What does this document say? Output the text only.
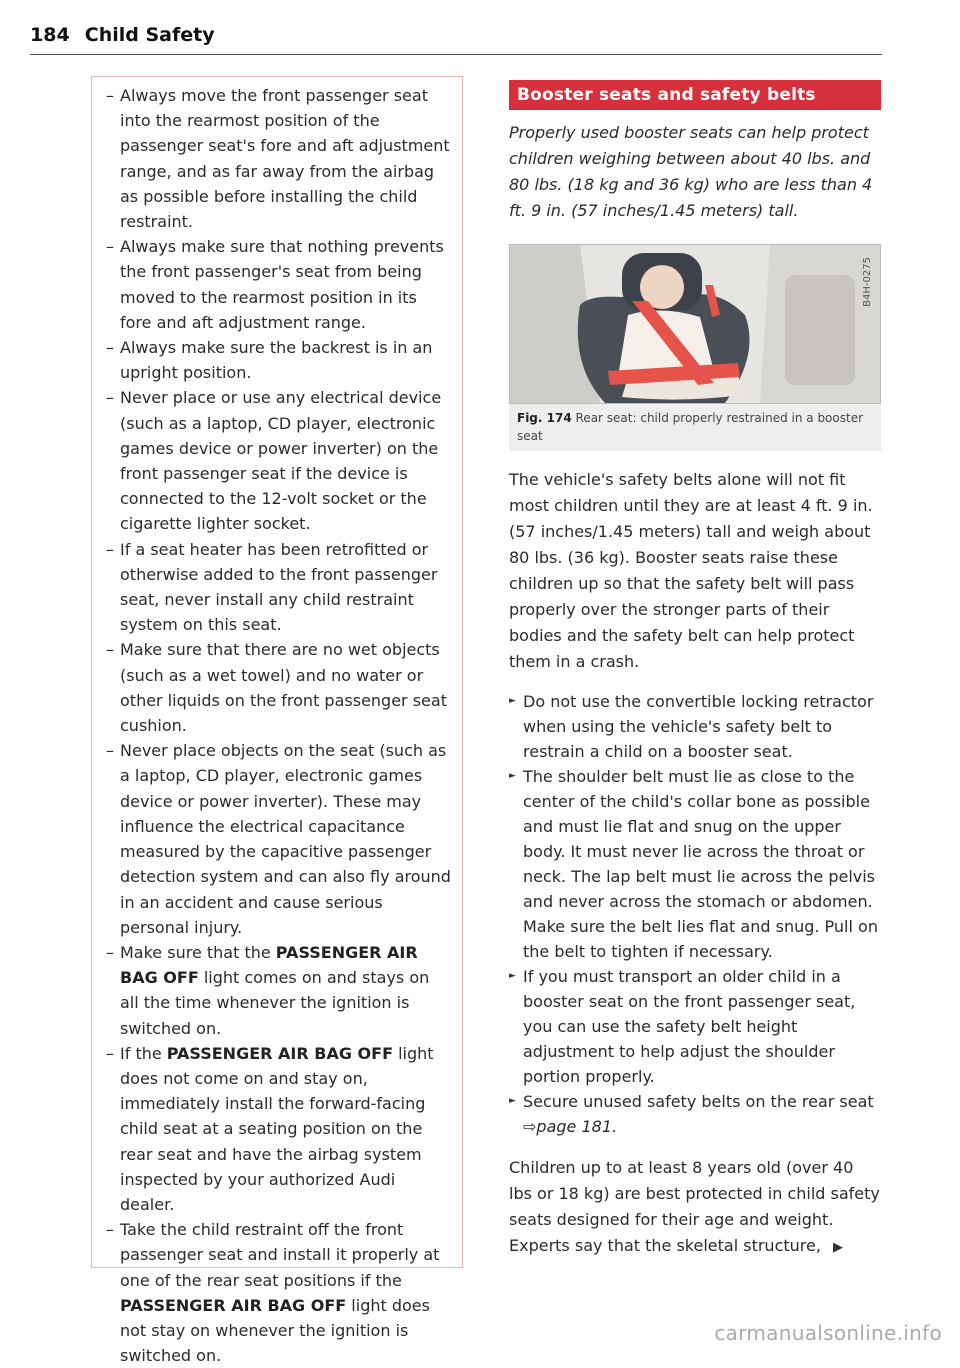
184 Child Safety
– Always move the front passenger seat into the rearmost position of the passenger seat's fore and aft adjustment range, and as far away from the airbag as possible before installing the child restraint.
– Always make sure that nothing prevents the front passenger's seat from being moved to the rearmost position in its fore and aft adjustment range.
– Always make sure the backrest is in an upright position.
– Never place or use any electrical device (such as a laptop, CD player, electronic games device or power inverter) on the front passenger seat if the device is connected to the 12-volt socket or the cigarette lighter socket.
– If a seat heater has been retrofitted or otherwise added to the front passenger seat, never install any child restraint system on this seat.
– Make sure that there are no wet objects (such as a wet towel) and no water or other liquids on the front passenger seat cushion.
– Never place objects on the seat (such as a laptop, CD player, electronic games device or power inverter). These may influence the electrical capacitance measured by the capacitive passenger detection system and can also fly around in an accident and cause serious personal injury.
– Make sure that the PASSENGER AIR BAG OFF light comes on and stays on all the time whenever the ignition is switched on.
– If the PASSENGER AIR BAG OFF light does not come on and stay on, immediately install the forward-facing child seat at a seating position on the rear seat and have the airbag system inspected by your authorized Audi dealer.
– Take the child restraint off the front passenger seat and install it properly at one of the rear seat positions if the PASSENGER AIR BAG OFF light does not stay on whenever the ignition is switched on.
Booster seats and safety belts

Properly used booster seats can help protect children weighing between about 40 lbs. and 80 lbs. (18 kg and 36 kg) who are less than 4 ft. 9 in. (57 inches/1.45 meters) tall.

B4H-0275
Fig. 174 Rear seat: child properly restrained in a booster seat

The vehicle's safety belts alone will not fit most children until they are at least 4 ft. 9 in. (57 inches/1.45 meters) tall and weigh about 80 lbs. (36 kg). Booster seats raise these children up so that the safety belt will pass properly over the stronger parts of their bodies and the safety belt can help protect them in a crash.

► Do not use the convertible locking retractor when using the vehicle's safety belt to restrain a child on a booster seat.
► The shoulder belt must lie as close to the center of the child's collar bone as possible and must lie flat and snug on the upper body. It must never lie across the throat or neck. The lap belt must lie across the pelvis and never across the stomach or abdomen. Make sure the belt lies flat and snug. Pull on the belt to tighten if necessary.
► If you must transport an older child in a booster seat on the front passenger seat, you can use the safety belt height adjustment to help adjust the shoulder portion properly.
► Secure unused safety belts on the rear seat ⇨page 181.

Children up to at least 8 years old (over 40 lbs or 18 kg) are best protected in child safety seats designed for their age and weight. Experts say that the skeletal structure, ▶

carmanualsonline.info
